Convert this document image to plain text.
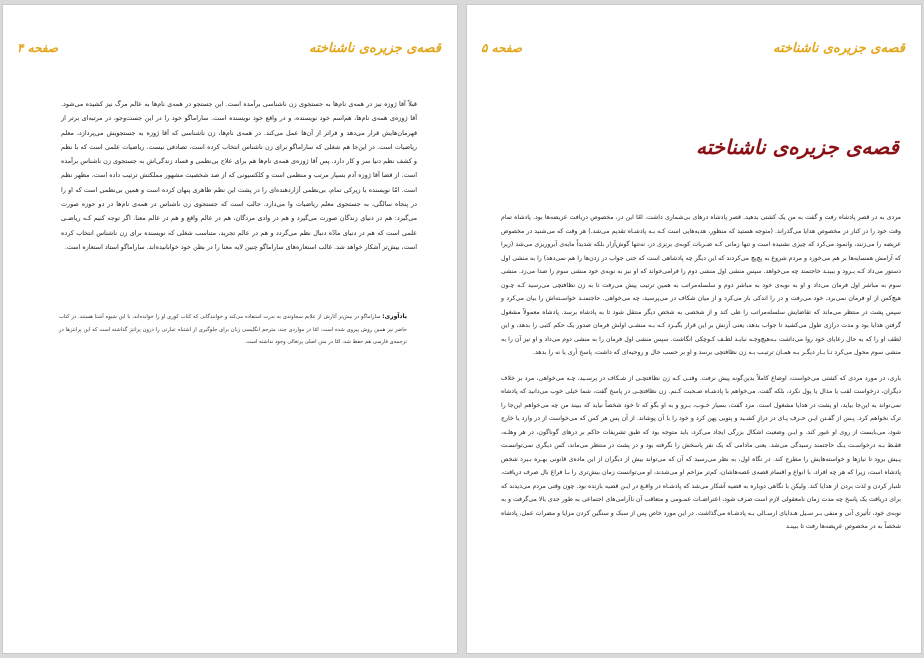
قصه‌ی جزیره‌ی ناشناخته
صفحه ۴

قبلاً آقا ژوزه نیز در همه‌ی نام‌ها به جستجوی زن ناشناسی برآمده است. این جستجو در همه‌ی نام‌ها به عالم مرگ نیز کشیده می‌شود. آقا ژوزه‌ی همه‌ی نام‌ها، هم‌اسم خود نویسنده، و در واقع خود نویسنده است. ساراماگو خود را در این جست‌وجو، در مرتبه‌ای برتر از قهرمان‌هایش قرار می‌دهد و فراتر از آن‌ها عمل می‌کند. در همه‌ی نام‌ها، زن ناشناسی که آقا ژوزه به جستجویش می‌پردازد، معلم ریاضیات است. در این‌جا هم شغلی که ساراماگو برای زن ناشناس انتخاب کرده است، تصادفی نیست. ریاضیات علمی است که با نظم و کشف نظم دنیا سر و کار دارد. پس آقا ژوزه‌ی همه‌ی نام‌ها هم برای علاج بی‌نظمی و فساد زندگی‌اش به جستجوی زن ناشناس برآمده است. از قضا آقا ژوزه آدم بسیار مرتب و منظمی است و کلکسیونی که از صد شخصیت مشهور مملکتش ترتیب داده است، مظهر نظم است. امّا نویسنده با زیرکی تمام، بی‌نظمی آزاردهنده‌ای را در پشت این نظم ظاهری پنهان کرده است و همین بی‌نظمی است که او را در پنجاه سالگی، به جستجوی معلم ریاضیات وا می‌دارد. جالب است که جستجوی زن ناشناس در همه‌ی نام‌ها در دو حوزه صورت می‌گیرد: هم در دنیای زندگان صورت می‌گیرد و هم در وادی مردگان، هم در عالم واقع و هم در عالم معنا. اگر توجه کنیم کـه ریاضـی علمی است که هم در دنیای مادّه دنبال نظم می‌گردد و هم در عالم تجرید، متناسب شغلی که نویسنده برای زن ناشناس انتخاب کرده است، بیش‌تر آشکار خواهد شد. غالب استعاره‌های ساراماگو چنین لایه معنا را در بطن خود خوابانیده‌اند. ساراماگو استاد استعاره است.

یادآوری: ساراماگو در بیش‌تر آثارش از علایم سجاوندی به ندرت استفاده می‌کند و خوانندگانی که کتاب کوری او را خوانده‌اند، با این شیوه آشنا هستند. در کتاب حاضر نیز همین روش پیروی شده است. امّا در مواردی چند، مترجم انگلیسی زبان برای جلوگیری از اشتباه عبارتی را درون پرانتز گذاشته است که این پرانتزها در ترجمه‌ی فارسی هم حفظ شد، امّا در متن اصلی پرتغالی وجود نداشته است.
قصه‌ی جزیره‌ی ناشناخته
صفحه ۵
قصه‌ی جزیره‌ی ناشناخته

مردی به در قصر پادشاه رفت و گفت به من یک کشتی بدهید. قصر پادشاه درهای بی‌شماری داشت. امّا این در، مخصوص دریافت عریضه‌ها بود. پادشاه تمام وقت خود را در کنار در مخصوص هدایا می‌گذراند. (متوجه هستید که منظور، هدیه‌هایی است کـه بـه پادشـاه تقدیم می‌شد.) هر وقت که می‌شنید در مخصوص عریضه را می‌زنند، وانمود می‌کرد که چیزی نشنیده است و تنها زمانی کـه ضـربات کوبه‌ی برنزی در، نه‌تنها گوش‌آزار بلکه شدیداً مایه‌ی آبروریزی می‌شد (زیرا که آرامش همسایه‌ها بر هم می‌خورد و مردم شروع به پچ‌پچ می‌کردند که این دیگر چه پادشاهی است که حتی جواب در زدن‌ها را هم نمی‌دهد) را به منشی اول دستور می‌داد کـه بـرود و ببینـد حاجتمند چه می‌خواهد. سپس منشی اول منشی دوم را فرامی‌خواند که او نیز به نوبه‌ی خود منشی سوم را صدا می‌زد. منشی سوم به مباشر اول فرمان می‌داد و او به نوبه‌ی خود به مباشر دوم و سلسله‌مراتب به همین ترتیب پیش می‌رفت تا به زن نظافتچی می‌رسید کـه چـون هیچ‌کس از او فرمان نمی‌برد، خود می‌رفت و در را اندکی باز می‌کرد و از میان شکاف در می‌پرسید، چه می‌خواهی. حاجتمنـد خواسـته‌اش را بیان می‌کرد و سپس پشت در منتظر می‌ماند که تقاضایش سلسله‌مراتب را طی کند و از شخصی به شخص دیگر منتقل شود تا به پادشاه برسد. پادشاه معمولاً مشغول گرفتن هدایا بود و مدت درازی طول می‌کشید تا جواب بدهد، یعنی آرنش بر این قرار بگیـرد کـه بـه منشـی اولش فرمان صدور یک حکم کتبی را بدهد، و این لطف او را که به حال رعایای خود روا می‌داشت بـه‌هیچ‌وجـه نبایـد لطـف کـوچکی انگاشت. سپس منشی اول فرمان را به منشی دوم می‌داد و او نیز آن را به منشی سوم محول می‌کرد تـا بـار دیگـر بـه همـان ترتیـب بـه زن نظافتچی برسد و او بر حسب حال و روحیه‌ای که داشت، پاسخ آری یا نه را بدهد.

باری، در مورد مردی که کشتی می‌خواست، اوضاع کاملاً بدین‌گونه پیش نرفت. وقتـی کـه زن نظافتچـی از شـکاف در پرسـید، چـه می‌خواهی، مرد بر خلاف دیگران، درخواست لقب یا مدال یا پول نکرد، بلکه گفت، می‌خواهم با پادشـاه صـحبت کـنم. زن نظافتچـی در پاسخ گفت، شما خیلی خوب می‌دانید که پادشاه نمی‌تواند به این‌جا بیاید، او پشت در هدایا مشغول است. مرد گفت، بسیار خـوب، بـرو و به او بگو که تا خود شخصاً نیاید که ببیند من چه می‌خواهم این‌جا را ترک نخواهم کرد. پـس از گفـتن ایـن حـرف پـای در درازِ کشـید و پتویی پهن کرد و خود را با آن پوشاند. از آن پس هر کس که می‌خواست از در وارد یا خارج شود، می‌بایست از روی او عبور کند. و ایـن وضعیت اشکال بزرگی ایجاد می‌کرد، باید متوجه بود که طبق تشریفات حاکم بر درهای گوناگون، در هر وهلـه، فقـط بـه درخواسـت یـک حاجتمند رسیدگی می‌شد. یعنی مادامی که یک نفر پاسخش را نگرفته بود و در پشت در منتظر می‌ماند، کس دیگری نمی‌توانسـت پـیش برود تا نیازها و خواسته‌هایش را مطرح کند. در نگاه اول، به نظر می‌رسید که آن که می‌تواند بیش از دیگران از این ماده‌ی قانونی بهـره بـبرد شخص پادشاه است، زیرا که هر چه افراد، با انواع و اقسام قصه‌ی غصه‌هاشان، کم‌تر مزاحم او می‌شدند، او می‌توانست زمان بیش‌تری را بـا فراغ بال صرف دریافت، تلنبار کردن و لذت بردن از هدایا کند. ولیکن با نگاهی دوباره به قضیه آشکار می‌شد که پادشـاه در واقـع در ایـن قضیه بازنده بود. چون وقتی مردم می‌دیدند که برای دریافت یک پاسخ چه مدت زمان نامعقولی لازم است صرف شود، اعتراضـات عمـومی و متعاقب آن ناآرامی‌های اجتماعی به طور جدی بالا می‌گرفت و به نوبه‌ی خود، تأثیری آنی و منفی بـر سـیل هـدایای ارسـالی بـه پادشـاه می‌گذاشت. در این مورد خاص پس از سبک و سنگین کردن مزایا و مضرات عمل، پادشاه شخصاً به در مخصوص عریضه‌ها رفت تا ببینـد
